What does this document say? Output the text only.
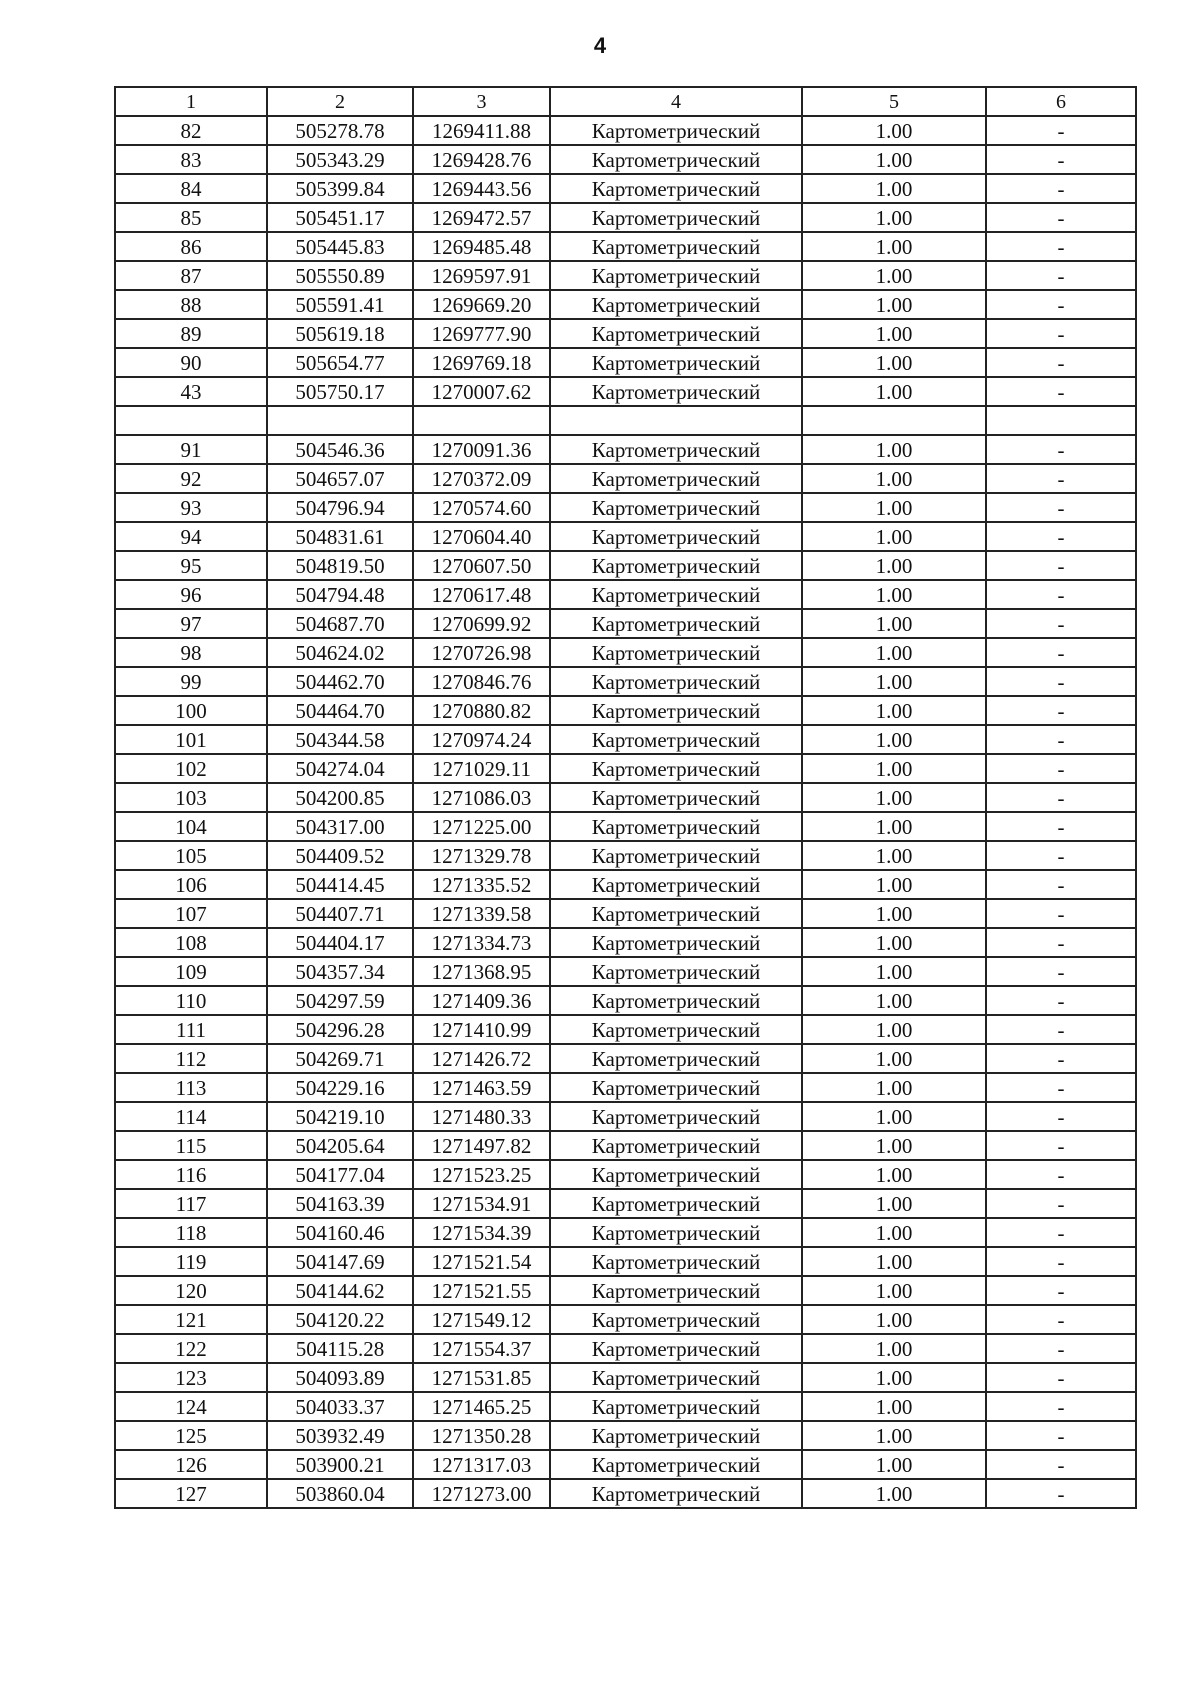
4
1	2	3	4	5	6
82	505278.78	1269411.88	Картометрический	1.00	-
83	505343.29	1269428.76	Картометрический	1.00	-
84	505399.84	1269443.56	Картометрический	1.00	-
85	505451.17	1269472.57	Картометрический	1.00	-
86	505445.83	1269485.48	Картометрический	1.00	-
87	505550.89	1269597.91	Картометрический	1.00	-
88	505591.41	1269669.20	Картометрический	1.00	-
89	505619.18	1269777.90	Картометрический	1.00	-
90	505654.77	1269769.18	Картометрический	1.00	-
43	505750.17	1270007.62	Картометрический	1.00	-

91	504546.36	1270091.36	Картометрический	1.00	-
92	504657.07	1270372.09	Картометрический	1.00	-
93	504796.94	1270574.60	Картометрический	1.00	-
94	504831.61	1270604.40	Картометрический	1.00	-
95	504819.50	1270607.50	Картометрический	1.00	-
96	504794.48	1270617.48	Картометрический	1.00	-
97	504687.70	1270699.92	Картометрический	1.00	-
98	504624.02	1270726.98	Картометрический	1.00	-
99	504462.70	1270846.76	Картометрический	1.00	-
100	504464.70	1270880.82	Картометрический	1.00	-
101	504344.58	1270974.24	Картометрический	1.00	-
102	504274.04	1271029.11	Картометрический	1.00	-
103	504200.85	1271086.03	Картометрический	1.00	-
104	504317.00	1271225.00	Картометрический	1.00	-
105	504409.52	1271329.78	Картометрический	1.00	-
106	504414.45	1271335.52	Картометрический	1.00	-
107	504407.71	1271339.58	Картометрический	1.00	-
108	504404.17	1271334.73	Картометрический	1.00	-
109	504357.34	1271368.95	Картометрический	1.00	-
110	504297.59	1271409.36	Картометрический	1.00	-
111	504296.28	1271410.99	Картометрический	1.00	-
112	504269.71	1271426.72	Картометрический	1.00	-
113	504229.16	1271463.59	Картометрический	1.00	-
114	504219.10	1271480.33	Картометрический	1.00	-
115	504205.64	1271497.82	Картометрический	1.00	-
116	504177.04	1271523.25	Картометрический	1.00	-
117	504163.39	1271534.91	Картометрический	1.00	-
118	504160.46	1271534.39	Картометрический	1.00	-
119	504147.69	1271521.54	Картометрический	1.00	-
120	504144.62	1271521.55	Картометрический	1.00	-
121	504120.22	1271549.12	Картометрический	1.00	-
122	504115.28	1271554.37	Картометрический	1.00	-
123	504093.89	1271531.85	Картометрический	1.00	-
124	504033.37	1271465.25	Картометрический	1.00	-
125	503932.49	1271350.28	Картометрический	1.00	-
126	503900.21	1271317.03	Картометрический	1.00	-
127	503860.04	1271273.00	Картометрический	1.00	-
